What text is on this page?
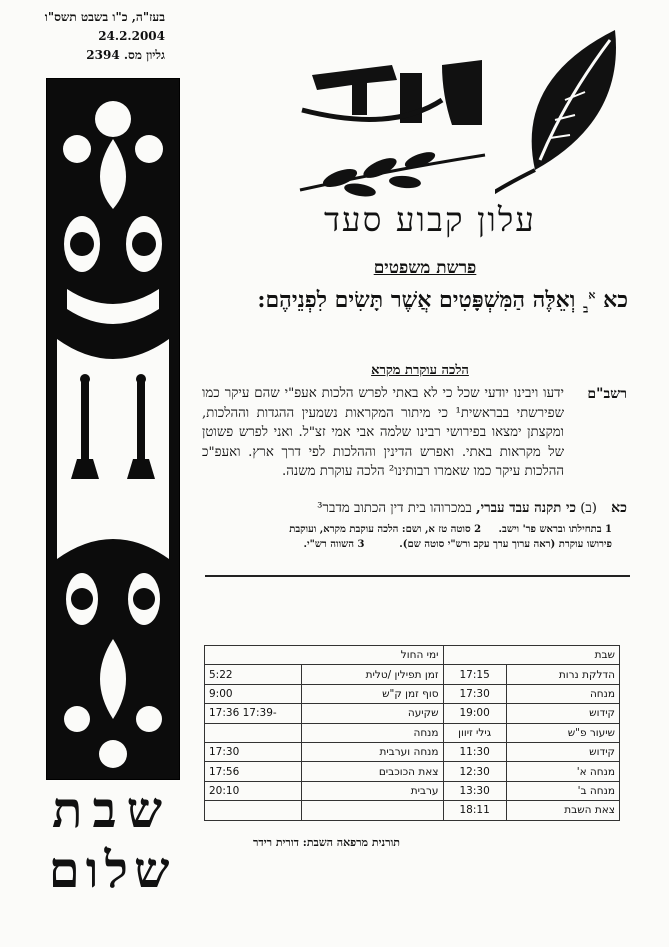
בעז"ה, כ"ו בשבט תשס"ו
24.2.2004
גליון מס. 2394
עלון קבוע סעד
פרשת משפטים
כא $^א_ב$ וְאֵלֶּה הַמִּשְׁפָּטִים אֲשֶׁר תָּשִׂים לִפְנֵיהֶם:
שבת
שלום
הלכה עוקרת מקרא
רשב"ם
ידעו ויבינו יודעי שכל כי לא באתי לפרש הלכות אעפ"י שהם עיקר כמו שפירשתי בבראשית¹ כי מיתור המקראות נשמעין ההגדות וההלכות, ומקצתן ימצאו בפירושי רבינו שלמה אבי אמי זצ"ל. ואני לפרש פשוטן של מקראות באתי. ואפרש הדינין וההלכות לפי דרך ארץ. ואעפ"כ ההלכות עיקר כמו שאמרו רבותינו² הלכה עוקרת משנה.
כא
(ב) כי תקנה עבד עברי, במכרוהו בית דין הכתוב מדבר³
1 בתחילתו ובראש פר' וישב.     2 סוטה טז א, ושם: הלכה עוקבת מקרא, ועוקבת
פירושו עוקרת (ראה ערוך ערך עקב ורש"י סוטה שם).          3 השווה רש"י.
שבת		ימי החול	
הדלקת נרות	17:15	זמן תפילין /טלית	5:22
מנחה	17:30	סוף זמן ק"ש	9:00
קידוש	19:00	שקיעה	-17:39 17:36
שיעור פ"ש	גילי זיוון	מנחה	
קידוש	11:30	מנחה וערבית	17:30
מנחה א'	12:30	צאת הכוכבים	17:56
מנחה ב'	13:30	ערבית	20:10
צאת השבת	18:11		
תורנית מרפאה השבת: דורית רידר
